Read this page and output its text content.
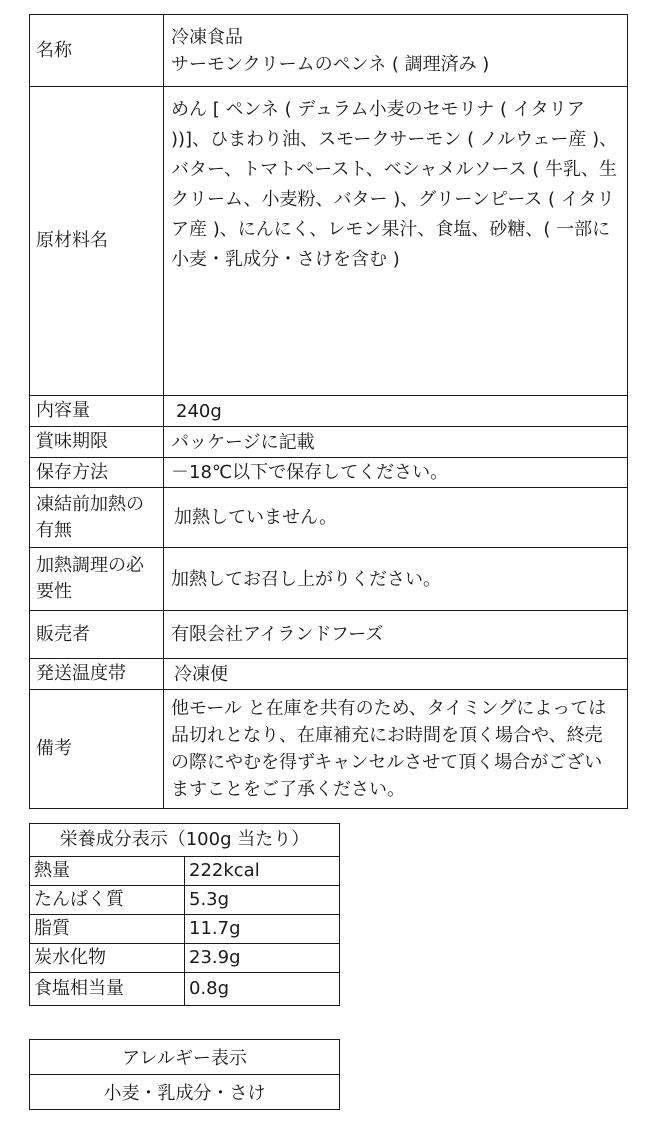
名称	冷凍食品
サーモンクリームのペンネ ( 調理済み )

原材料名	めん [ ペンネ ( デュラム小麦のセモリナ ( イタリア ))]、ひまわり油、スモークサーモン ( ノルウェー産 )、バター、トマトペースト、ベシャメルソース ( 牛乳、生クリーム、小麦粉、バター )、グリーンピース ( イタリア産 )、にんにく、レモン果汁、食塩、砂糖、( 一部に小麦・乳成分・さけを含む )
内容量	240g
賞味期限	パッケージに記載
保存方法	－18℃以下で保存してください。
凍結前加熱の有無	加熱していません。
加熱調理の必要性	加熱してお召し上がりください。
販売者	有限会社アイランドフーズ
発送温度帯	冷凍便
備考	他モール と在庫を共有のため、タイミングによっては品切れとなり、在庫補充にお時間を頂く場合や、終売の際にやむを得ずキャンセルさせて頂く場合がございますことをご了承ください。
栄養成分表示（100g 当たり）	
熱量	222kcal
たんぱく質	5.3g
脂質	11.7g
炭水化物	23.9g
食塩相当量	0.8g
アレルギー表示
小麦・乳成分・さけ
